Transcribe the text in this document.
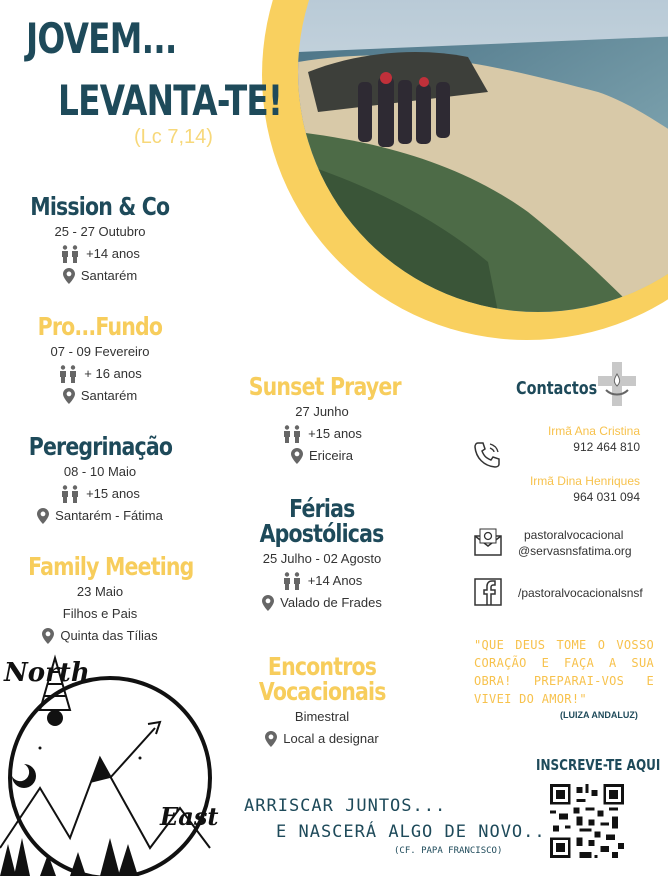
JOVEM...
LEVANTA-TE!
(Lc 7,14)
Mission & Co
25 - 27 Outubro
+14 anos
Santarém
Pro...Fundo
07 - 09 Fevereiro
+ 16 anos
Santarém
Peregrinação
08 - 10 Maio
+15 anos
Santarém - Fátima
Family Meeting
23 Maio
Filhos e Pais
Quinta das Tílias
Sunset Prayer
27 Junho
+15 anos
Ericeira
Férias
Apostólicas
25 Julho - 02 Agosto
+14 Anos
Valado de Frades
Encontros
Vocacionais
Bimestral
Local a designar
North
East
Contactos
Irmã Ana Cristina
912 464 810
Irmã Dina Henriques
964 031 094
pastoralvocacional
@servasnsfatima.org
/pastoralvocacionalsnsf
"QUE DEUS TOME O VOSSO CORAÇÃO E FAÇA A SUA OBRA! PREPARAI-VOS E VIVEI DO AMOR!"
(LUIZA ANDALUZ)
INSCREVE-TE AQUI
ARRISCAR JUNTOS...
E NASCERÁ ALGO DE NOVO..
(CF. PAPA FRANCISCO)
